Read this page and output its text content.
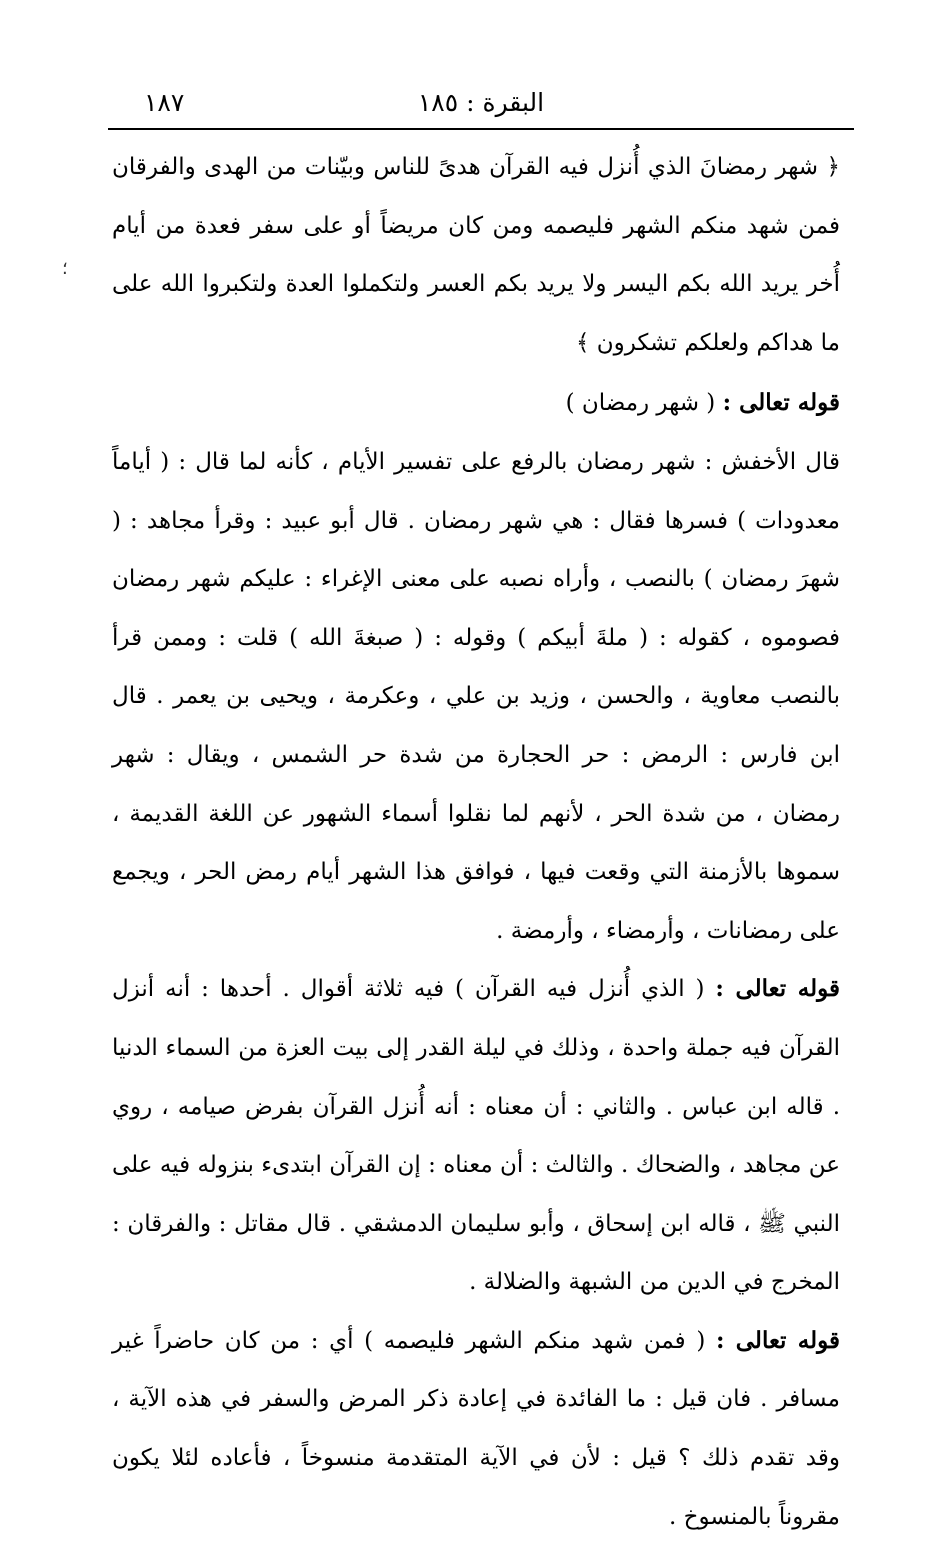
١٨٧	البقرة : ١٨٥
؛

﴿ شهر رمضانَ الذي أُنزل فيه القرآن هدىً للناس وبيّنات من الهدى والفرقان فمن شهد منكم الشهر فليصمه ومن كان مريضاً أو على سفر فعدة من أيام أُخر يريد الله بكم اليسر ولا يريد بكم العسر ولتكملوا العدة ولتكبروا الله على ما هداكم ولعلكم تشكرون ﴾

قوله تعالى : ( شهر رمضان )

قال الأخفش : شهر رمضان بالرفع على تفسير الأيام ، كأنه لما قال : ( أياماً معدودات ) فسرها فقال : هي شهر رمضان . قال أبو عبيد : وقرأ مجاهد : ( شهرَ رمضان ) بالنصب ، وأراه نصبه على معنى الإغراء : عليكم شهر رمضان فصوموه ، كقوله : ( ملةَ أبيكم ) وقوله : ( صبغةَ الله ) قلت : وممن قرأ بالنصب معاوية ، والحسن ، وزيد بن علي ، وعكرمة ، ويحيى بن يعمر . قال ابن فارس : الرمض : حر الحجارة من شدة حر الشمس ، ويقال : شهر رمضان ، من شدة الحر ، لأنهم لما نقلوا أسماء الشهور عن اللغة القديمة ، سموها بالأزمنة التي وقعت فيها ، فوافق هذا الشهر أيام رمض الحر ، ويجمع على رمضانات ، وأرمضاء ، وأرمضة .

قوله تعالى : ( الذي أُنزل فيه القرآن ) فيه ثلاثة أقوال . أحدها : أنه أنزل القرآن فيه جملة واحدة ، وذلك في ليلة القدر إلى بيت العزة من السماء الدنيا . قاله ابن عباس . والثاني : أن معناه : أنه أُنزل القرآن بفرض صيامه ، روي عن مجاهد ، والضحاك . والثالث : أن معناه : إن القرآن ابتدىء بنزوله فيه على النبي ﷺ ، قاله ابن إسحاق ، وأبو سليمان الدمشقي . قال مقاتل : والفرقان : المخرج في الدين من الشبهة والضلالة .

قوله تعالى : ( فمن شهد منكم الشهر فليصمه ) أي : من كان حاضراً غير مسافر . فان قيل : ما الفائدة في إعادة ذكر المرض والسفر في هذه الآية ، وقد تقدم ذلك ؟ قيل : لأن في الآية المتقدمة منسوخاً ، فأعاده لئلا يكون مقروناً بالمنسوخ .
